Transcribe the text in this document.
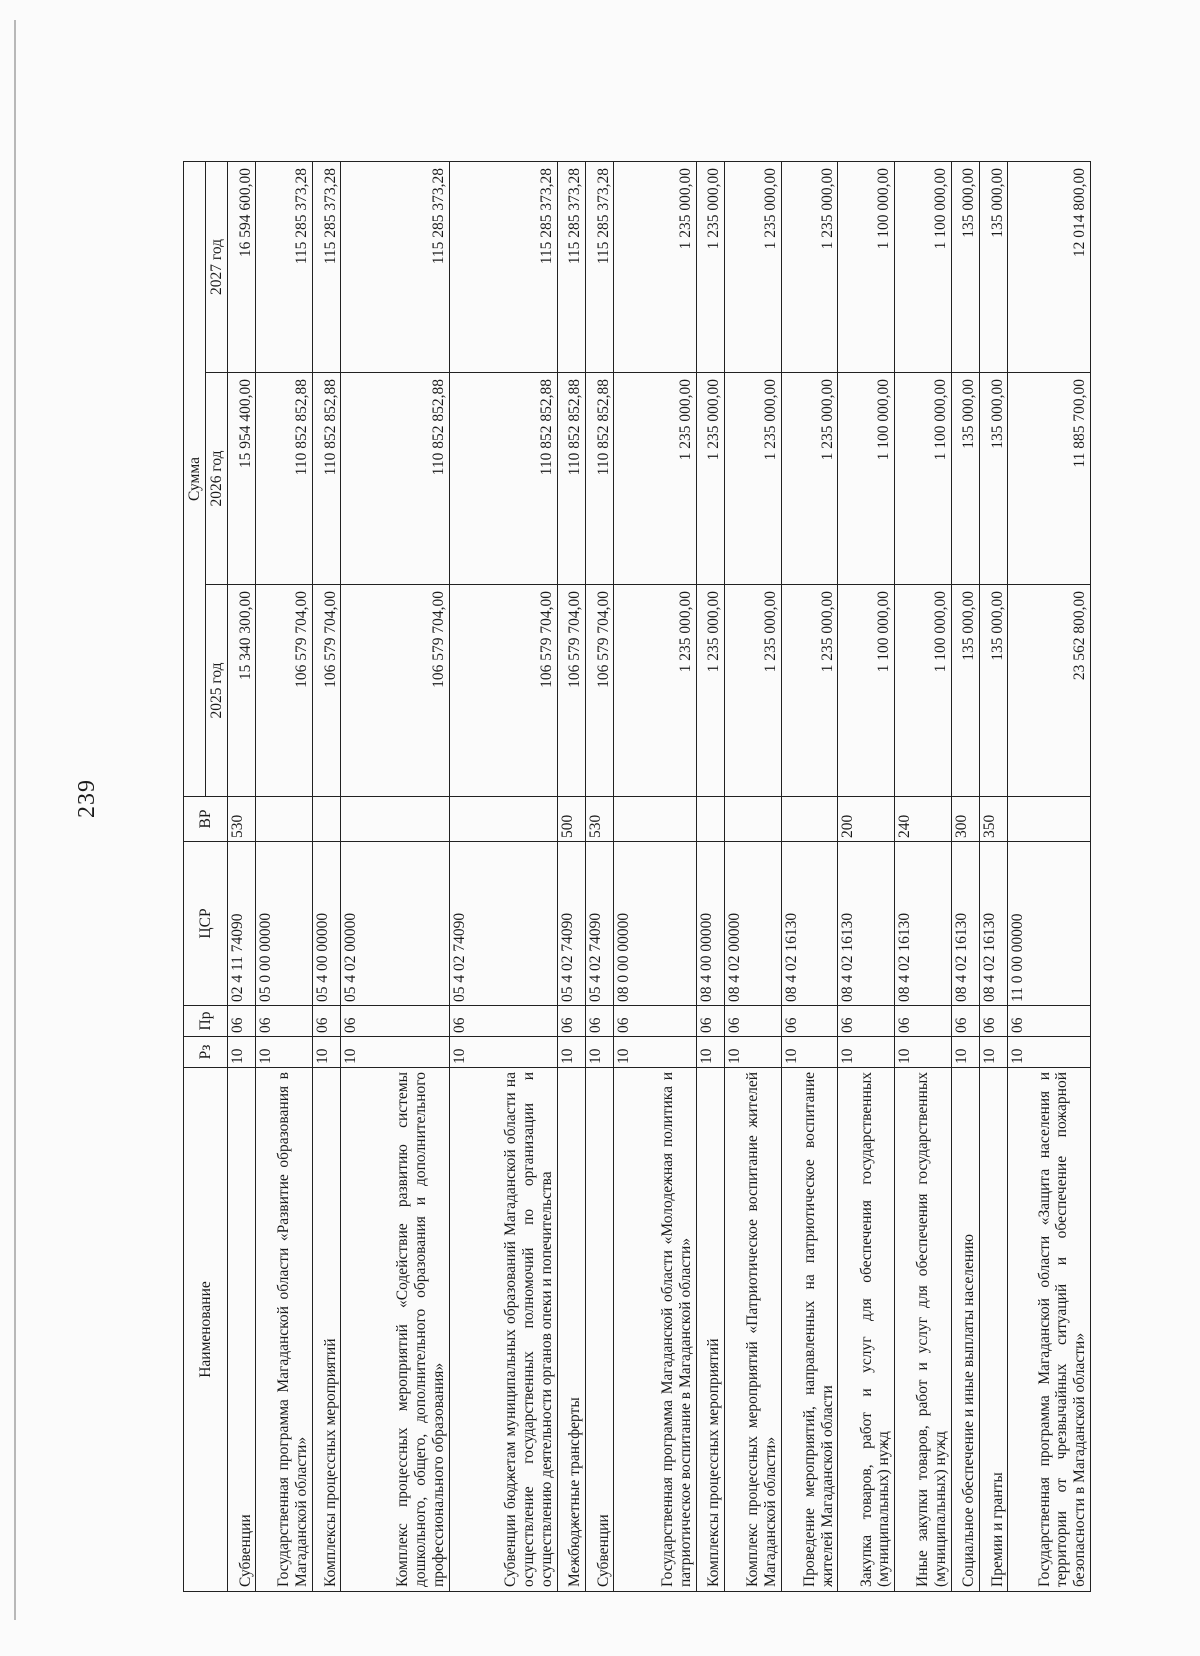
239
Наименование	Рз	Пр	ЦСР	ВР	Сумма		
					2025 год	2026 год	2027 год
Субвенции	10	06	02 4 11 74090	530	15 340 300,00	15 954 400,00	16 594 600,00
Государственная программа Магаданской области «Развитие образования в Магаданской области»	10	06	05 0 00 00000		106 579 704,00	110 852 852,88	115 285 373,28
Комплексы процессных мероприятий	10	06	05 4 00 00000		106 579 704,00	110 852 852,88	115 285 373,28
Комплекс процессных мероприятий «Содействие развитию системы дошкольного, общего, дополнительного образования и дополнительного профессионального образования»	10	06	05 4 02 00000		106 579 704,00	110 852 852,88	115 285 373,28
Субвенции бюджетам муниципальных образований Магаданской области на осуществление государственных полномочий по организации и осуществлению деятельности органов опеки и попечительства	10	06	05 4 02 74090		106 579 704,00	110 852 852,88	115 285 373,28
Межбюджетные трансферты	10	06	05 4 02 74090	500	106 579 704,00	110 852 852,88	115 285 373,28
Субвенции	10	06	05 4 02 74090	530	106 579 704,00	110 852 852,88	115 285 373,28
Государственная программа Магаданской области «Молодежная политика и патриотическое воспитание в Магаданской области»	10	06	08 0 00 00000		1 235 000,00	1 235 000,00	1 235 000,00
Комплексы процессных мероприятий	10	06	08 4 00 00000		1 235 000,00	1 235 000,00	1 235 000,00
Комплекс процессных мероприятий «Патриотическое воспитание жителей Магаданской области»	10	06	08 4 02 00000		1 235 000,00	1 235 000,00	1 235 000,00
Проведение мероприятий, направленных на патриотическое воспитание жителей Магаданской области	10	06	08 4 02 16130		1 235 000,00	1 235 000,00	1 235 000,00
Закупка товаров, работ и услуг для обеспечения государственных (муниципальных) нужд	10	06	08 4 02 16130	200	1 100 000,00	1 100 000,00	1 100 000,00
Иные закупки товаров, работ и услуг для обеспечения государственных (муниципальных) нужд	10	06	08 4 02 16130	240	1 100 000,00	1 100 000,00	1 100 000,00
Социальное обеспечение и иные выплаты населению	10	06	08 4 02 16130	300	135 000,00	135 000,00	135 000,00
Премии и гранты	10	06	08 4 02 16130	350	135 000,00	135 000,00	135 000,00
Государственная программа Магаданской области «Защита населения и территории от чрезвычайных ситуаций и обеспечение пожарной безопасности в Магаданской области»	10	06	11 0 00 00000		23 562 800,00	11 885 700,00	12 014 800,00
